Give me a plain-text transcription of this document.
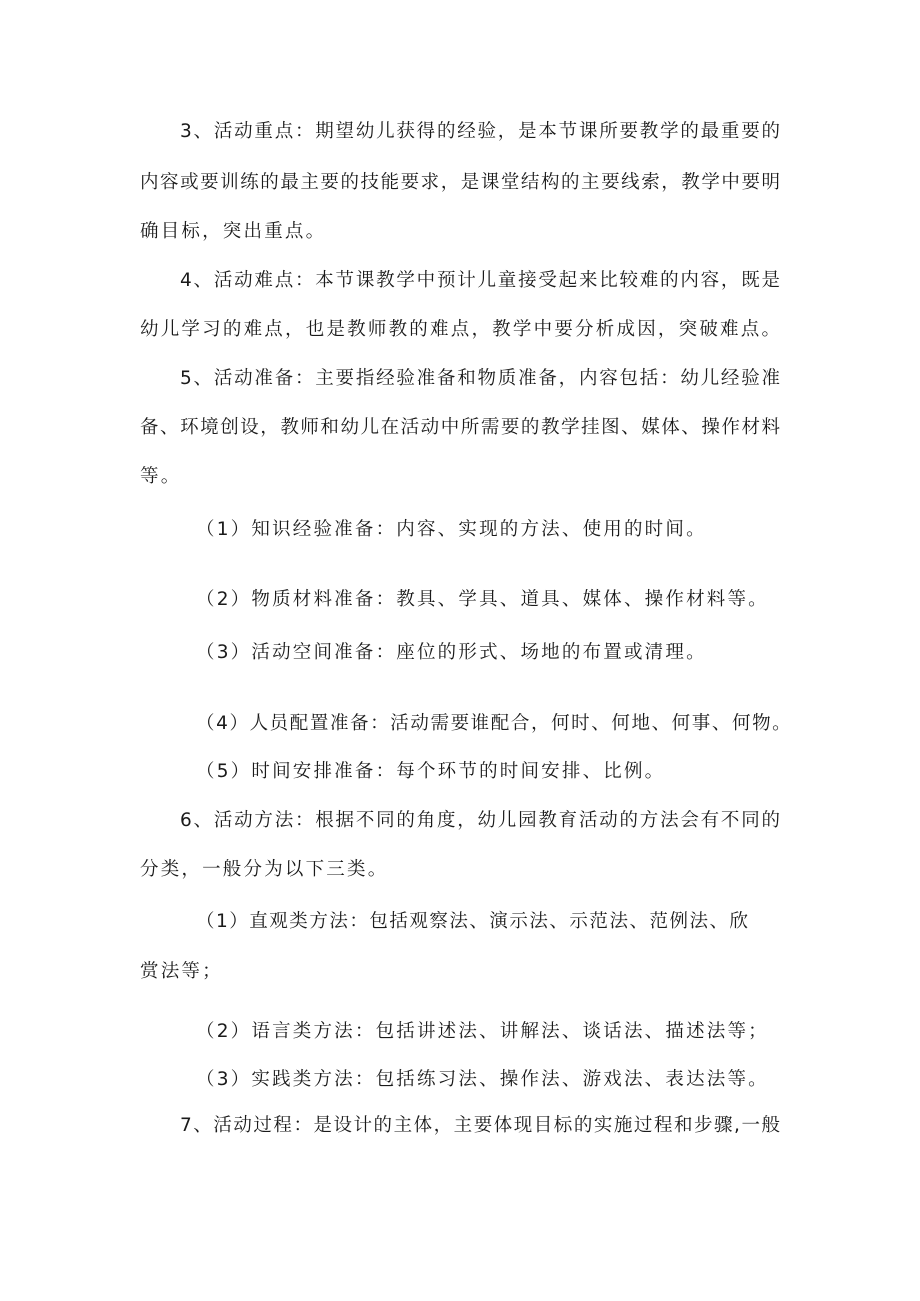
3、活动重点：期望幼儿获得的经验，是本节课所要教学的最重要的
内容或要训练的最主要的技能要求，是课堂结构的主要线索，教学中要明
确目标，突出重点。
4、活动难点：本节课教学中预计儿童接受起来比较难的内容，既是
幼儿学习的难点，也是教师教的难点，教学中要分析成因，突破难点。
5、活动准备：主要指经验准备和物质准备，内容包括：幼儿经验准
备、环境创设，教师和幼儿在活动中所需要的教学挂图、媒体、操作材料
等。
（1）知识经验准备：内容、实现的方法、使用的时间。
（2）物质材料准备：教具、学具、道具、媒体、操作材料等。
（3）活动空间准备：座位的形式、场地的布置或清理。
（4）人员配置准备：活动需要谁配合，何时、何地、何事、何物。
（5）时间安排准备：每个环节的时间安排、比例。
6、活动方法：根据不同的角度，幼儿园教育活动的方法会有不同的
分类，一般分为以下三类。
（1）直观类方法：包括观察法、演示法、示范法、范例法、欣
赏法等；
（2）语言类方法：包括讲述法、讲解法、谈话法、描述法等；
（3）实践类方法：包括练习法、操作法、游戏法、表达法等。
7、活动过程：是设计的主体，主要体现目标的实施过程和步骤,一般
